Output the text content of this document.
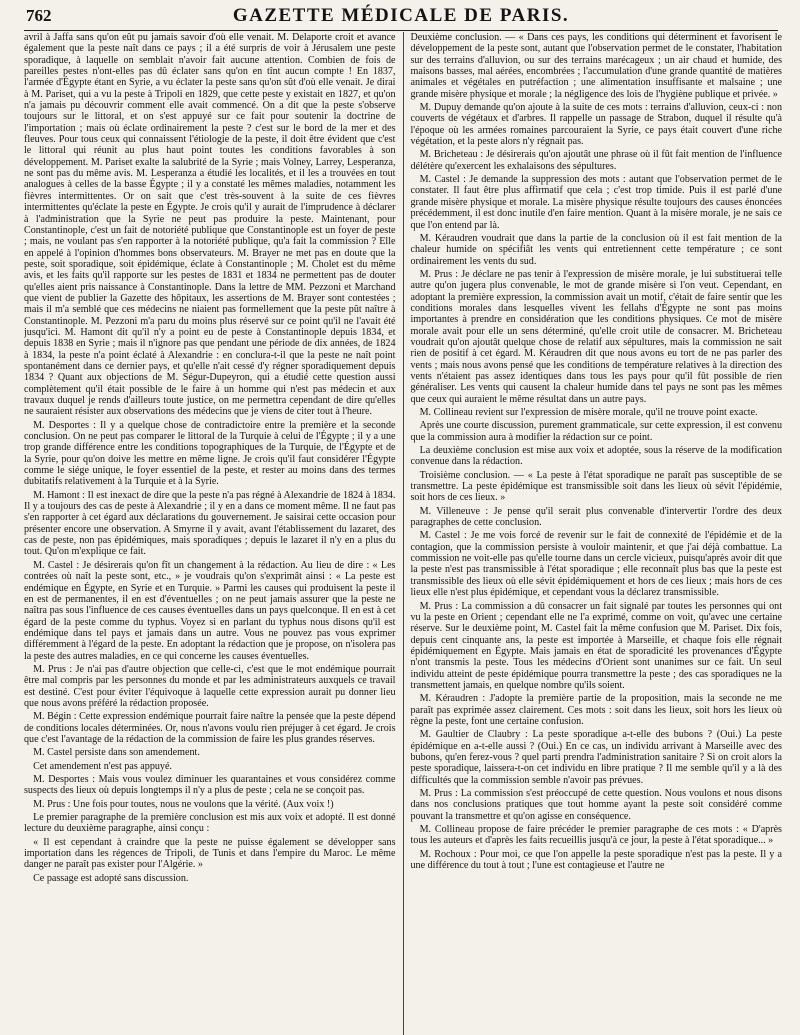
762	GAZETTE MÉDICALE DE PARIS.

avril à Jaffa sans qu'on eût pu jamais savoir d'où elle venait. M. Delaporte croit et avance également que la peste naît dans ce pays ; il a été surpris de voir à Jérusalem une peste sporadique, à laquelle on semblait n'avoir fait aucune attention. Combien de fois de pareilles pestes n'ont-elles pas dû éclater sans qu'on en tînt aucun compte ! En 1837, l'armée d'Égypte étant en Syrie, a vu éclater la peste sans qu'on sût d'où elle venait. Je dirai à M. Pariset, qui a vu la peste à Tripoli en 1829, que cette peste y existait en 1827, et qu'on n'a jamais pu découvrir comment elle avait commencé. On a dit que la peste s'observe toujours sur le littoral, et on s'est appuyé sur ce fait pour soutenir la doctrine de l'importation ; mais où éclate ordinairement la peste ? c'est sur le bord de la mer et des fleuves. Pour tous ceux qui connaissent l'étiologie de la peste, il doit être évident que c'est le littoral qui réunit au plus haut point toutes les conditions favorables à son développement. M. Pariset exalte la salubrité de la Syrie ; mais Volney, Larrey, Lesperanza, ne sont pas du même avis. M. Lesperanza a étudié les localités, et il les a trouvées en tout analogues à celles de la basse Égypte ; il y a constaté les mêmes maladies, notamment les fièvres intermittentes. Or on sait que c'est très-souvent à la suite de ces fièvres intermittentes qu'éclate la peste en Égypte. Je crois qu'il y aurait de l'imprudence à déclarer à l'administration que la Syrie ne peut pas produire la peste. Maintenant, pour Constantinople, c'est un fait de notoriété publique que Constantinople est un foyer de peste ; mais, ne voulant pas s'en rapporter à la notoriété publique, qu'a fait la commission ? Elle en appelé à l'opinion d'hommes bons observateurs. M. Brayer ne met pas en doute que la peste, soit sporadique, soit épidémique, éclate à Constantinople ; M. Cholet est du même avis, et les faits qu'il rapporte sur les pestes de 1831 et 1834 ne permettent pas de douter qu'elles aient pris naissance à Constantinople. Dans la lettre de MM. Pezzoni et Marchand que vient de publier la Gazette des hôpitaux, les assertions de M. Brayer sont contestées ; mais il m'a semblé que ces médecins ne niaient pas formellement que la peste pût naître à Constantinople. M. Pezzoni m'a paru du moins plus réservé sur ce point qu'il ne l'avait été jusqu'ici. M. Hamont dit qu'il n'y a point eu de peste à Constantinople depuis 1834, et depuis 1838 en Syrie ; mais il n'ignore pas que pendant une période de dix années, de 1824 à 1834, la peste n'a point éclaté à Alexandrie : en conclura-t-il que la peste ne naît point spontanément dans ce dernier pays, et qu'elle n'ait cessé d'y régner sporadiquement depuis 1834 ? Quant aux objections de M. Ségur-Dupeyron, qui a étudié cette question aussi complètement qu'il était possible de le faire à un homme qui n'est pas médecin et aux travaux duquel je rends d'ailleurs toute justice, on me permettra cependant de dire qu'elles ne sauraient résister aux observations des médecins que je viens de citer tout à l'heure.

M. Desportes : Il y a quelque chose de contradictoire entre la première et la seconde conclusion. On ne peut pas comparer le littoral de la Turquie à celui de l'Égypte ; il y a une trop grande différence entre les conditions topographiques de la Turquie, de l'Égypte et de la Syrie, pour qu'on doive les mettre en même ligne. Je crois qu'il faut considérer l'Égypte comme le siége unique, le foyer essentiel de la peste, et rester au moins dans des termes dubitatifs relativement à la Turquie et à la Syrie.

M. Hamont : Il est inexact de dire que la peste n'a pas régné à Alexandrie de 1824 à 1834. Il y a toujours des cas de peste à Alexandrie ; il y en a dans ce moment même. Il ne faut pas s'en rapporter à cet égard aux déclarations du gouvernement. Je saisirai cette occasion pour présenter encore une observation. A Smyrne il y avait, avant l'établissement du lazaret, des cas de peste, non pas épidémiques, mais sporadiques ; depuis le lazaret il n'y en a plus du tout. Qu'on m'explique ce fait.

M. Castel : Je désirerais qu'on fît un changement à la rédaction. Au lieu de dire : « Les contrées où naît la peste sont, etc., » je voudrais qu'on s'exprimât ainsi : « La peste est endémique en Égypte, en Syrie et en Turquie. » Parmi les causes qui produisent la peste il en est de permanentes, il en est d'éventuelles ; on ne peut jamais assurer que la peste ne naîtra pas sous l'influence de ces causes éventuelles dans un pays quelconque. Il en est à cet égard de la peste comme du typhus. Voyez si en parlant du typhus nous disons qu'il est endémique dans tel pays et jamais dans un autre. Vous ne pouvez pas vous exprimer différemment à l'égard de la peste. En adoptant la rédaction que je propose, on n'isolera pas la peste des autres maladies, en ce qui concerne les causes éventuelles.

M. Prus : Je n'ai pas d'autre objection que celle-ci, c'est que le mot endémique pourrait être mal compris par les personnes du monde et par les administrateurs auxquels ce travail est destiné. C'est pour éviter l'équivoque à laquelle cette expression aurait pu donner lieu que nous avons préféré la rédaction proposée.

M. Bégin : Cette expression endémique pourrait faire naître la pensée que la peste dépend de conditions locales déterminées. Or, nous n'avons voulu rien préjuger à cet égard. Je crois que c'est l'avantage de la rédaction de la commission de faire les plus grandes réserves.

M. Castel persiste dans son amendement.

Cet amendement n'est pas appuyé.

M. Desportes : Mais vous voulez diminuer les quarantaines et vous considérez comme suspects des lieux où depuis longtemps il n'y a plus de peste ; cela ne se conçoit pas.

M. Prus : Une fois pour toutes, nous ne voulons que la vérité. (Aux voix !)

Le premier paragraphe de la première conclusion est mis aux voix et adopté. Il est donné lecture du deuxième paragraphe, ainsi conçu :

« Il est cependant à craindre que la peste ne puisse également se développer sans importation dans les régences de Tripoli, de Tunis et dans l'empire du Maroc. Le même danger ne paraît pas exister pour l'Algérie. »

Ce passage est adopté sans discussion.

Deuxième conclusion. — « Dans ces pays, les conditions qui déterminent et favorisent le développement de la peste sont, autant que l'observation permet de le constater, l'habitation sur des terrains d'alluvion, ou sur des terrains marécageux ; un air chaud et humide, des maisons basses, mal aérées, encombrées ; l'accumulation d'une grande quantité de matières animales et végétales en putréfaction ; une alimentation insuffisante et malsaine ; une grande misère physique et morale ; la négligence des lois de l'hygiène publique et privée. »

M. Dupuy demande qu'on ajoute à la suite de ces mots : terrains d'alluvion, ceux-ci : non couverts de végétaux et d'arbres. Il rappelle un passage de Strabon, duquel il résulte qu'à l'époque où les armées romaines parcouraient la Syrie, ce pays était couvert d'une riche végétation, et la peste alors n'y régnait pas.

M. Bricheteau : Je désirerais qu'on ajoutât une phrase où il fût fait mention de l'influence délétère qu'exercent les exhalaisons des sépultures.

M. Castel : Je demande la suppression des mots : autant que l'observation permet de le constater. Il faut être plus affirmatif que cela ; c'est trop timide. Puis il est parlé d'une grande misère physique et morale. La misère physique résulte toujours des causes énoncées précédemment, il est donc inutile d'en faire mention. Quant à la misère morale, je ne sais ce que l'on entend par là.

M. Kéraudren voudrait que dans la partie de la conclusion où il est fait mention de la chaleur humide on spécifiât les vents qui entretiennent cette température ; ce sont ordinairement les vents du sud.

M. Prus : Je déclare ne pas tenir à l'expression de misère morale, je lui substituerai telle autre qu'on jugera plus convenable, le mot de grande misère si l'on veut. Cependant, en adoptant la première expression, la commission avait un motif, c'était de faire sentir que les conditions morales dans lesquelles vivent les fellahs d'Égypte ne sont pas moins importantes à prendre en considération que les conditions physiques. Ce mot de misère morale avait pour elle un sens déterminé, qu'elle croit utile de consacrer. M. Bricheteau voudrait qu'on ajoutât quelque chose de relatif aux sépultures, mais la commission ne sait rien de positif à cet égard. M. Kéraudren dit que nous avons eu tort de ne pas parler des vents ; mais nous avons pensé que les conditions de température relatives à la direction des vents n'étaient pas assez identiques dans tous les pays pour qu'il fût possible de rien généraliser. Les vents qui causent la chaleur humide dans tel pays ne sont pas les mêmes que ceux qui auraient le même résultat dans un autre pays.

M. Collineau revient sur l'expression de misère morale, qu'il ne trouve point exacte.

Après une courte discussion, purement grammaticale, sur cette expression, il est convenu que la commission aura à modifier la rédaction sur ce point.

La deuxième conclusion est mise aux voix et adoptée, sous la réserve de la modification convenue dans la rédaction.

Troisième conclusion. — « La peste à l'état sporadique ne paraît pas susceptible de se transmettre. La peste épidémique est transmissible soit dans les lieux où sévit l'épidémie, soit hors de ces lieux. »

M. Villeneuve : Je pense qu'il serait plus convenable d'intervertir l'ordre des deux paragraphes de cette conclusion.

M. Castel : Je me vois forcé de revenir sur le fait de connexité de l'épidémie et de la contagion, que la commission persiste à vouloir maintenir, et que j'ai déjà combattue. La commission ne voit-elle pas qu'elle tourne dans un cercle vicieux, puisqu'après avoir dit que la peste n'est pas transmissible à l'état sporadique ; elle reconnaît plus bas que la peste est transmissible des lieux où elle sévit épidémiquement et hors de ces lieux ; mais hors de ces lieux elle n'est plus épidémique, et cependant vous la déclarez transmissible.

M. Prus : La commission a dû consacrer un fait signalé par toutes les personnes qui ont vu la peste en Orient ; cependant elle ne l'a exprimé, comme on voit, qu'avec une certaine réserve. Sur le deuxième point, M. Castel fait la même confusion que M. Pariset. Dix fois, depuis cent cinquante ans, la peste est importée à Marseille, et chaque fois elle régnait épidémiquement en Égypte. Mais jamais en état de sporadicité les provenances d'Égypte n'ont transmis la peste. Tous les médecins d'Orient sont unanimes sur ce fait. Un seul individu atteint de peste épidémique pourra transmettre la peste ; des cas sporadiques ne la transmettent jamais, en quelque nombre qu'ils soient.

M. Kéraudren : J'adopte la première partie de la proposition, mais la seconde ne me paraît pas exprimée assez clairement. Ces mots : soit dans les lieux, soit hors les lieux où règne la peste, font une certaine confusion.

M. Gaultier de Claubry : La peste sporadique a-t-elle des bubons ? (Oui.) La peste épidémique en a-t-elle aussi ? (Oui.) En ce cas, un individu arrivant à Marseille avec des bubons, qu'en ferez-vous ? quel parti prendra l'administration sanitaire ? Si on croit alors la peste sporadique, laissera-t-on cet individu en libre pratique ? Il me semble qu'il y a là des difficultés que la commission semble n'avoir pas prévues.

M. Prus : La commission s'est préoccupé de cette question. Nous voulons et nous disons dans nos conclusions pratiques que tout homme ayant la peste soit considéré comme pouvant la transmettre et qu'on agisse en conséquence.

M. Collineau propose de faire précéder le premier paragraphe de ces mots : « D'après tous les auteurs et d'après les faits recueillis jusqu'à ce jour, la peste à l'état sporadique... »

M. Rochoux : Pour moi, ce que l'on appelle la peste sporadique n'est pas la peste. Il y a une différence du tout à tout ; l'une est contagieuse et l'autre ne
